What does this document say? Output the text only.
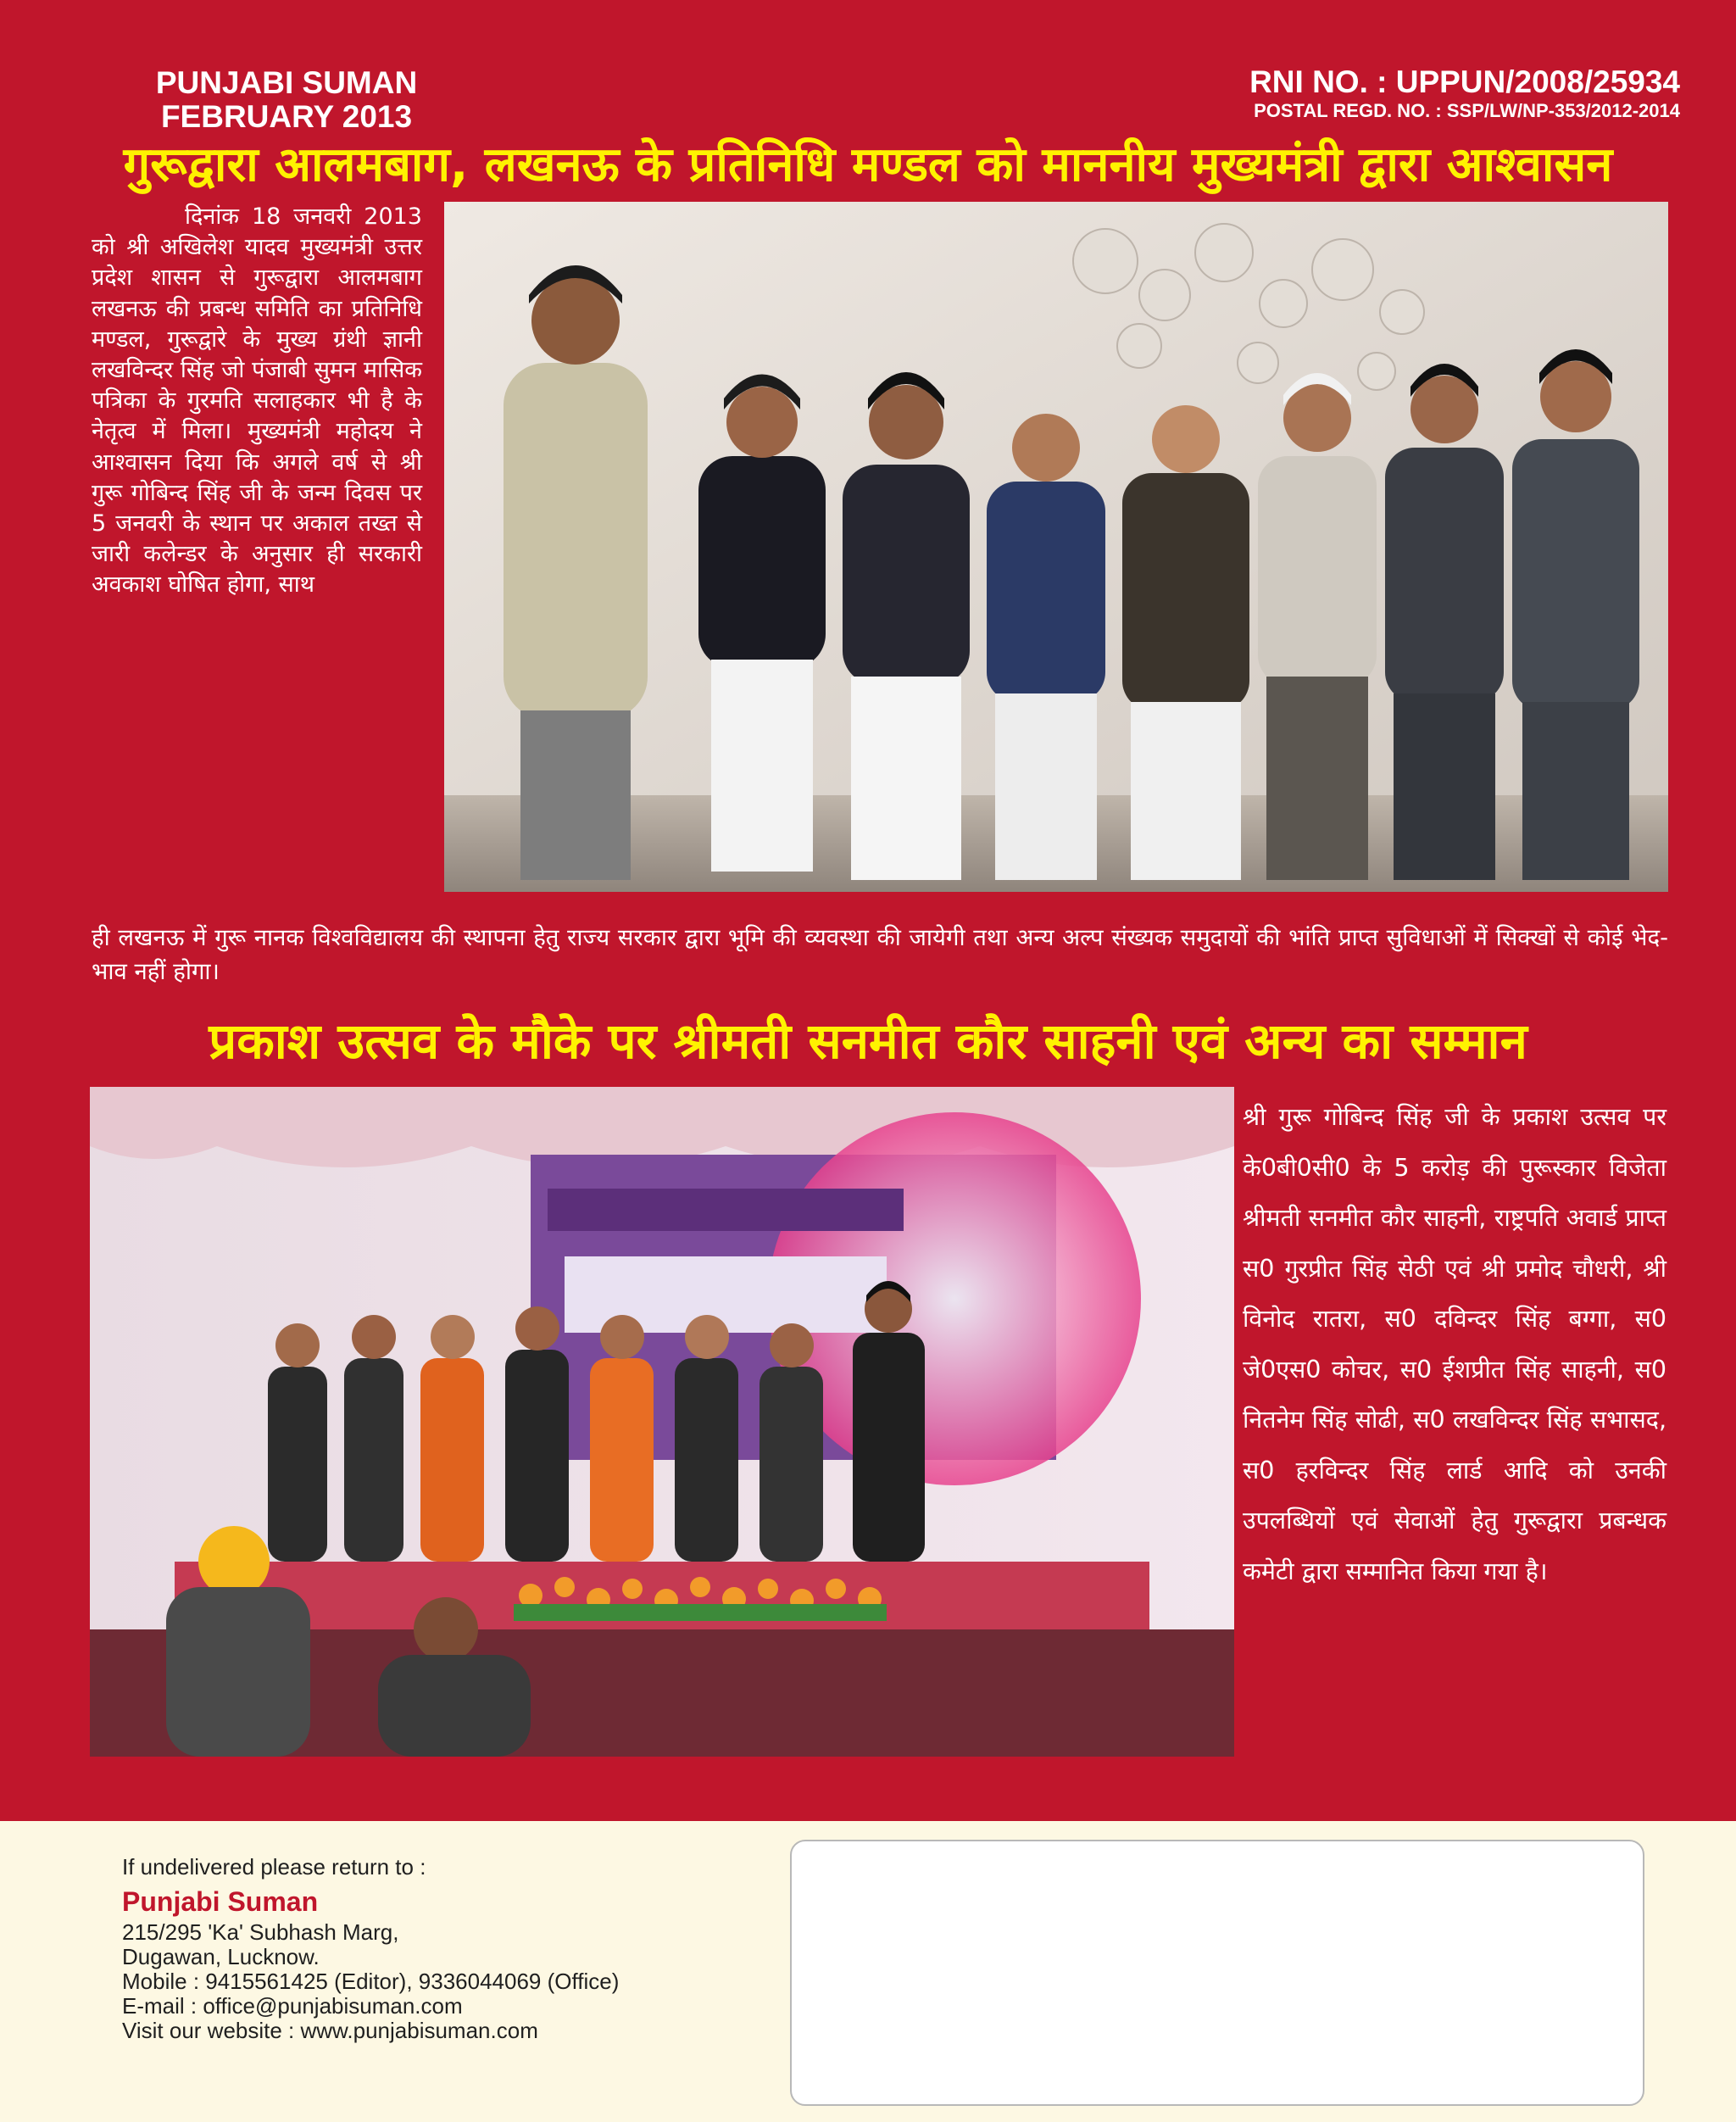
PUNJABI SUMAN
FEBRUARY 2013
RNI NO. : UPPUN/2008/25934
POSTAL REGD. NO. : SSP/LW/NP-353/2012-2014
गुरूद्वारा आलमबाग, लखनऊ के प्रतिनिधि मण्डल को माननीय मुख्यमंत्री द्वारा आश्वासन
दिनांक 18 जनवरी 2013 को श्री अखिलेश यादव मुख्यमंत्री उत्तर प्रदेश शासन से गुरूद्वारा आलमबाग लखनऊ की प्रबन्ध समिति का प्रतिनिधि मण्डल, गुरूद्वारे के मुख्य ग्रंथी ज्ञानी लखविन्दर सिंह जो पंजाबी सुमन मासिक पत्रिका के गुरमति सलाहकार भी है के नेतृत्व में मिला। मुख्यमंत्री महोदय ने आश्वासन दिया कि अगले वर्ष से श्री गुरू गोबिन्द सिंह जी के जन्म दिवस पर 5 जनवरी के स्थान पर अकाल तख्त से जारी कलेन्डर के अनुसार ही सरकारी अवकाश घोषित होगा, साथ
ही लखनऊ में गुरू नानक विश्वविद्यालय की स्थापना हेतु राज्य सरकार द्वारा भूमि की व्यवस्था की जायेगी तथा अन्य अल्प संख्यक समुदायों की भांति प्राप्त सुविधाओं में सिक्खों से कोई भेद-भाव नहीं होगा।
प्रकाश उत्सव के मौके पर श्रीमती सनमीत कौर साहनी एवं अन्य का सम्मान
श्री गुरू गोबिन्द सिंह जी के प्रकाश उत्सव पर के0बी0सी0 के 5 करोड़ की पुरूस्कार विजेता श्रीमती सनमीत कौर साहनी, राष्ट्रपति अवार्ड प्राप्त स0 गुरप्रीत सिंह सेठी एवं श्री प्रमोद चौधरी, श्री विनोद रातरा, स0 दविन्दर सिंह बग्गा, स0 जे0एस0 कोचर, स0 ईशप्रीत सिंह साहनी, स0 नितनेम सिंह सोढी, स0 लखविन्दर सिंह सभासद, स0 हरविन्दर सिंह लार्ड आदि को उनकी उपलब्धियों एवं सेवाओं हेतु गुरूद्वारा प्रबन्धक कमेटी द्वारा सम्मानित किया गया है।
If undelivered please return to :
Punjabi Suman
215/295 'Ka' Subhash Marg,
Dugawan, Lucknow.
Mobile : 9415561425 (Editor), 9336044069 (Office)
E-mail : office@punjabisuman.com
Visit our website : www.punjabisuman.com
